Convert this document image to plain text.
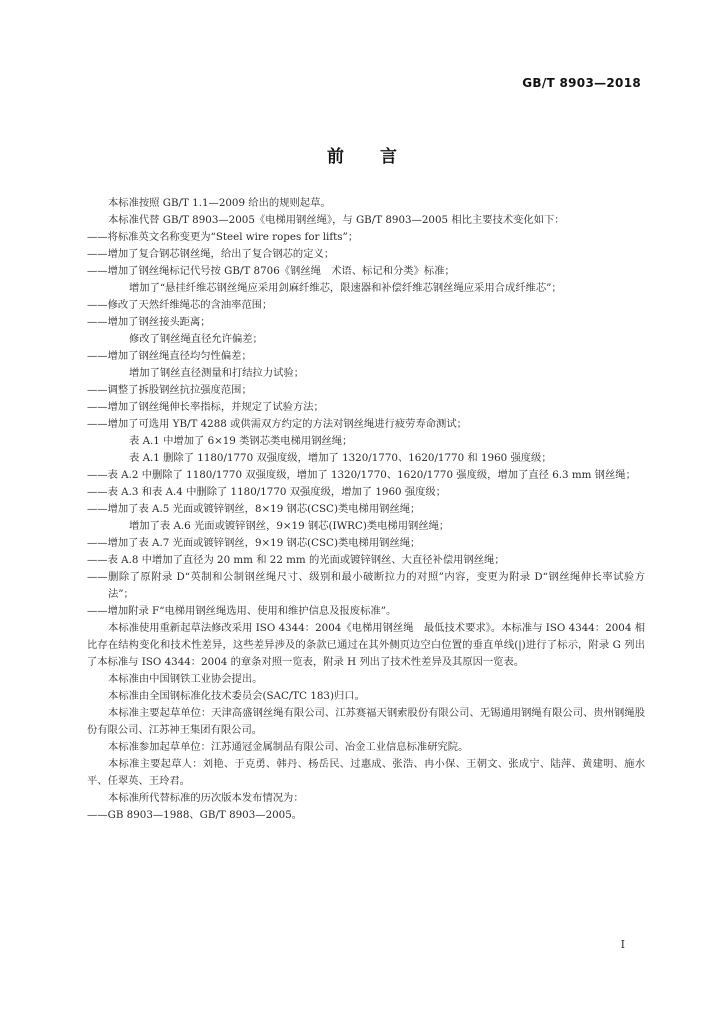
GB/T 8903—2018
前 言

本标准按照 GB/T 1.1—2009 给出的规则起草。

本标准代替 GB/T 8903—2005《电梯用钢丝绳》，与 GB/T 8903—2005 相比主要技术变化如下：

——将标准英文名称变更为“Steel wire ropes for lifts”；

——增加了复合钢芯钢丝绳，给出了复合钢芯的定义；

——增加了钢丝绳标记代号按 GB/T 8706《钢丝绳　术语、标记和分类》标准；

增加了“悬挂纤维芯钢丝绳应采用剑麻纤维芯，限速器和补偿纤维芯钢丝绳应采用合成纤维芯”；

——修改了天然纤维绳芯的含油率范围；

——增加了钢丝接头距离；

修改了钢丝绳直径允许偏差；

——增加了钢丝绳直径均匀性偏差；

增加了钢丝直径测量和打结拉力试验；

——调整了拆股钢丝抗拉强度范围；

——增加了钢丝绳伸长率指标，并规定了试验方法；

——增加了可选用 YB/T 4288 或供需双方约定的方法对钢丝绳进行疲劳寿命测试；

表 A.1 中增加了 6×19 类钢芯类电梯用钢丝绳；

表 A.1 删除了 1180/1770 双强度级，增加了 1320/1770、1620/1770 和 1960 强度级；

——表 A.2 中删除了 1180/1770 双强度级，增加了 1320/1770、1620/1770 强度级，增加了直径 6.3 mm 钢丝绳；

——表 A.3 和表 A.4 中删除了 1180/1770 双强度级，增加了 1960 强度级；

——增加了表 A.5 光面或镀锌钢丝，8×19 钢芯(CSC)类电梯用钢丝绳；

增加了表 A.6 光面或镀锌钢丝，9×19 钢芯(IWRC)类电梯用钢丝绳；

——增加了表 A.7 光面或镀锌钢丝，9×19 钢芯(CSC)类电梯用钢丝绳；

——表 A.8 中增加了直径为 20 mm 和 22 mm 的光面或镀锌钢丝、大直径补偿用钢丝绳；

——删除了原附录 D“英制和公制钢丝绳尺寸、级别和最小破断拉力的对照”内容，变更为附录 D“钢丝绳伸长率试验方法”；

——增加附录 F“电梯用钢丝绳选用、使用和维护信息及报废标准”。

本标准使用重新起草法修改采用 ISO 4344：2004《电梯用钢丝绳　最低技术要求》。本标准与 ISO 4344：2004 相比存在结构变化和技术性差异，这些差异涉及的条款已通过在其外侧页边空白位置的垂直单线(|)进行了标示，附录 G 列出了本标准与 ISO 4344：2004 的章条对照一览表，附录 H 列出了技术性差异及其原因一览表。

本标准由中国钢铁工业协会提出。

本标准由全国钢标准化技术委员会(SAC/TC 183)归口。

本标准主要起草单位：天津高盛钢丝绳有限公司、江苏赛福天钢索股份有限公司、无锡通用钢绳有限公司、贵州钢绳股份有限公司、江苏神王集团有限公司。

本标准参加起草单位：江苏通冠金属制品有限公司、冶金工业信息标准研究院。

本标准主要起草人：刘艳、于克勇、韩丹、杨岳民、过惠成、张浩、冉小保、王朝文、张成宁、陆萍、黄建明、施水平、任翠英、王玲君。

本标准所代替标准的历次版本发布情况为：

——GB 8903—1988、GB/T 8903—2005。

I
